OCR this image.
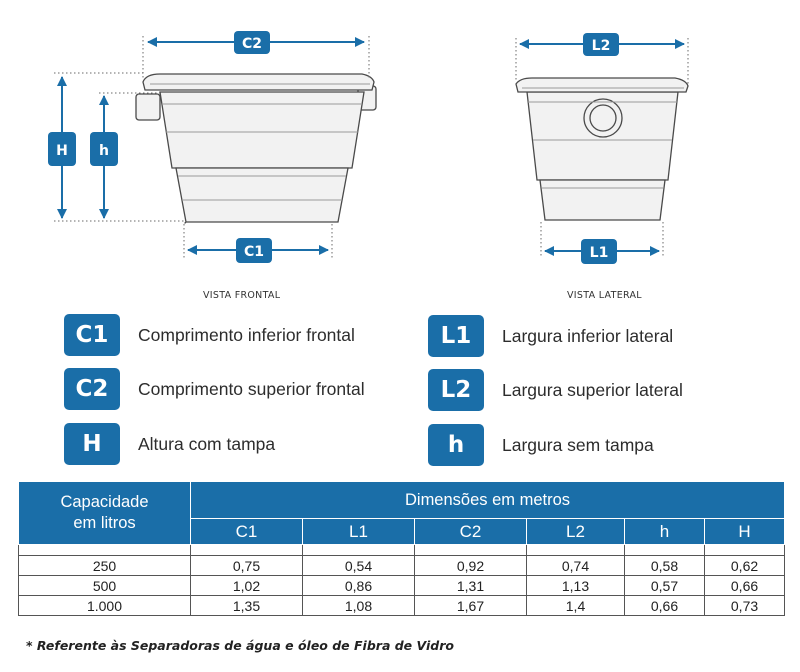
C2
H h
C1
L2
L1
VISTA FRONTAL	VISTA LATERAL
C1	Comprimento inferior frontal	L1	Largura inferior lateral
C2	Comprimento superior frontal	L2	Largura superior lateral
H	Altura com tampa	h	Largura sem tampa
Capacidade
em litros	Dimensões em metros					
	C1	L1	C2	L2	h	H

250	0,75	0,54	0,92	0,74	0,58	0,62
500	1,02	0,86	1,31	1,13	0,57	0,66
1.000	1,35	1,08	1,67	1,4	0,66	0,73
* Referente às Separadoras de água e óleo de Fibra de Vidro
